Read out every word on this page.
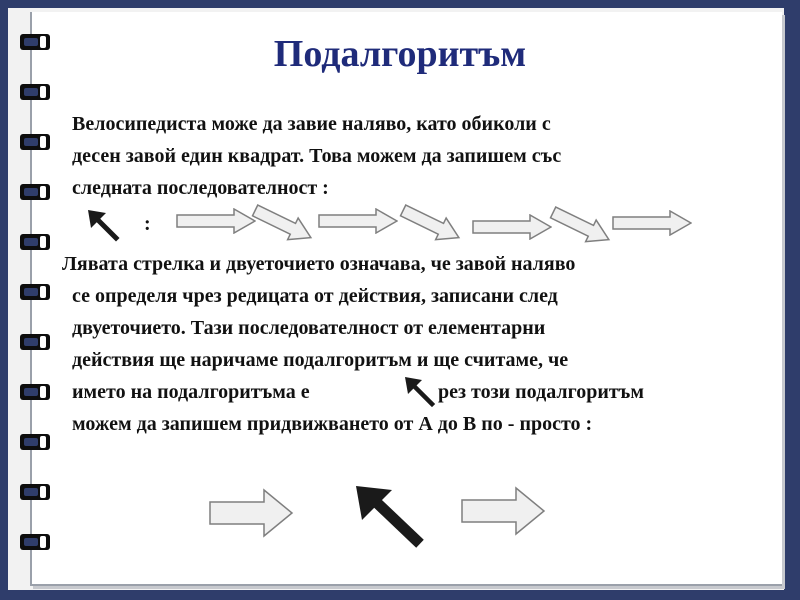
Подалгоритъм

Велосипедиста може да завие наляво, като обиколи с

десен завой един квадрат. Това можем да запишем със

следната последователност :

:

Лявата стрелка и двуеточието означава, че завой наляво

се определя чрез редицата от действия, записани след

двуеточието. Тази последователност от елементарни

действия ще наричаме подалгоритъм и ще считаме, че

името на подалгоритъма е	рез този подалгоритъм

можем да запишем придвижването от А до В по - просто :
